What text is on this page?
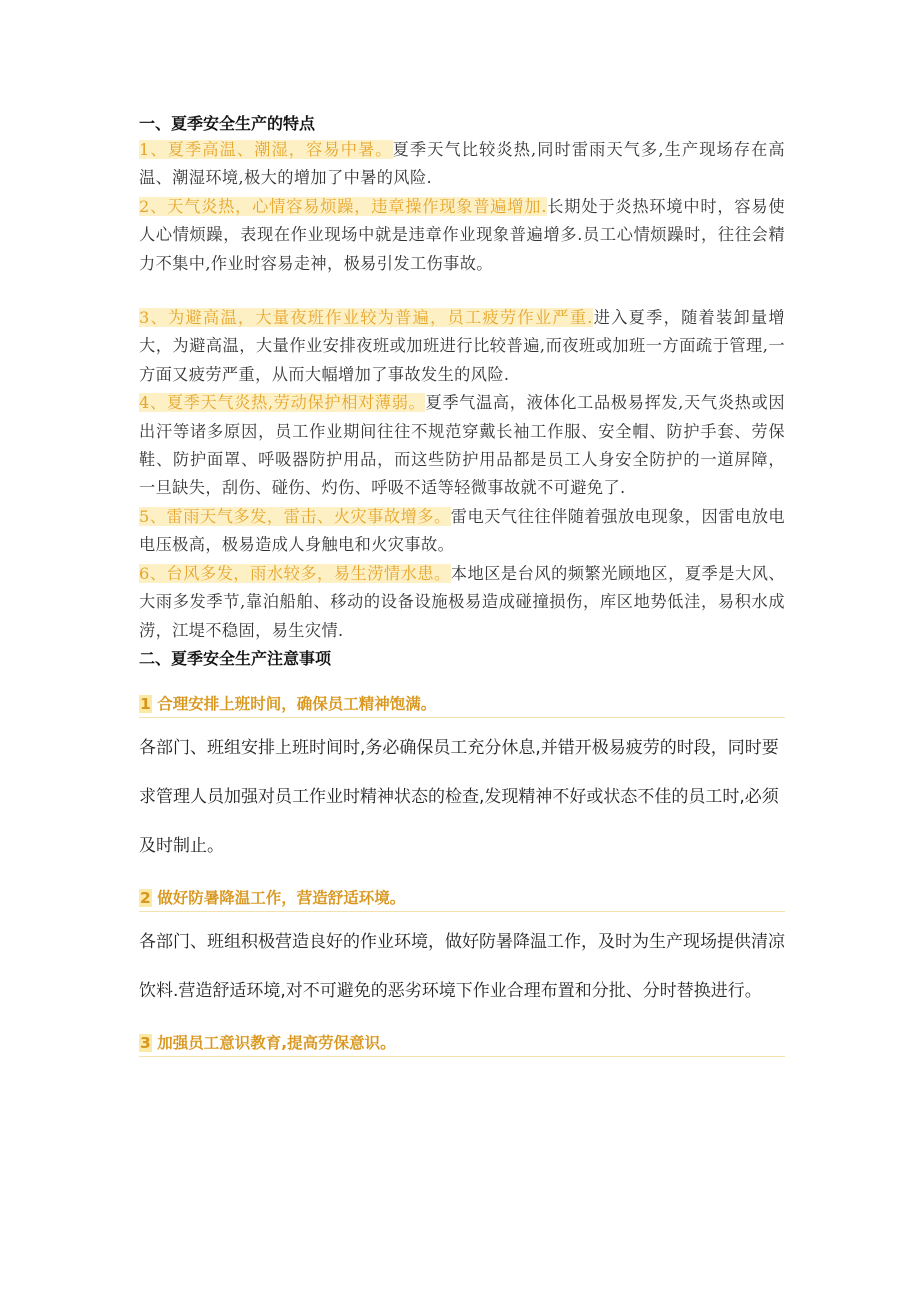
一、夏季安全生产的特点
1、夏季高温、潮湿，容易中暑。夏季天气比较炎热,同时雷雨天气多,生产现场存在高温、潮湿环境,极大的增加了中暑的风险.
2、天气炎热，心情容易烦躁，违章操作现象普遍增加.长期处于炎热环境中时，容易使人心情烦躁，表现在作业现场中就是违章作业现象普遍增多.员工心情烦躁时，往往会精力不集中,作业时容易走神，极易引发工伤事故。
3、为避高温，大量夜班作业较为普遍，员工疲劳作业严重.进入夏季，随着装卸量增大，为避高温，大量作业安排夜班或加班进行比较普遍,而夜班或加班一方面疏于管理,一方面又疲劳严重，从而大幅增加了事故发生的风险.
4、夏季天气炎热,劳动保护相对薄弱。夏季气温高，液体化工品极易挥发,天气炎热或因出汗等诸多原因，员工作业期间往往不规范穿戴长袖工作服、安全帽、防护手套、劳保鞋、防护面罩、呼吸器防护用品，而这些防护用品都是员工人身安全防护的一道屏障，一旦缺失，刮伤、碰伤、灼伤、呼吸不适等轻微事故就不可避免了.
5、雷雨天气多发，雷击、火灾事故增多。雷电天气往往伴随着强放电现象，因雷电放电电压极高，极易造成人身触电和火灾事故。
6、台风多发，雨水较多，易生涝情水患。本地区是台风的频繁光顾地区，夏季是大风、大雨多发季节,靠泊船舶、移动的设备设施极易造成碰撞损伤，库区地势低洼，易积水成涝，江堤不稳固，易生灾情.
二、夏季安全生产注意事项
1 合理安排上班时间，确保员工精神饱满。
各部门、班组安排上班时间时,务必确保员工充分休息,并错开极易疲劳的时段，同时要求管理人员加强对员工作业时精神状态的检查,发现精神不好或状态不佳的员工时,必须及时制止。
2 做好防暑降温工作，营造舒适环境。
各部门、班组积极营造良好的作业环境，做好防暑降温工作，及时为生产现场提供清凉饮料.营造舒适环境,对不可避免的恶劣环境下作业合理布置和分批、分时替换进行。
3 加强员工意识教育,提高劳保意识。
